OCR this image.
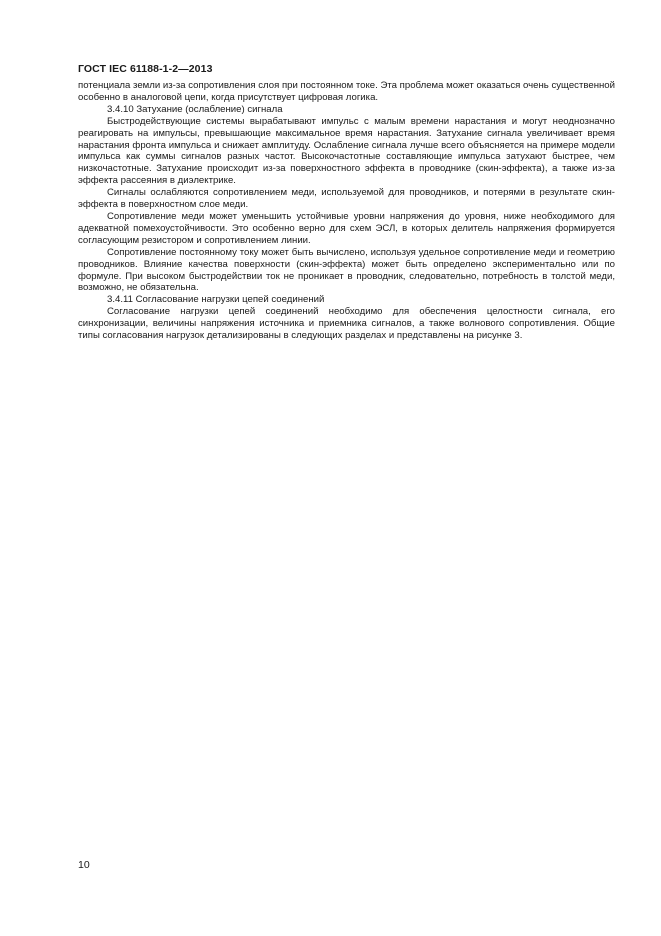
ГОСТ IEC 61188-1-2—2013

потенциала земли из-за сопротивления слоя при постоянном токе. Эта проблема может оказаться очень существенной особенно в аналоговой цепи, когда присутствует цифровая логика.

3.4.10 Затухание (ослабление) сигнала

Быстродействующие системы вырабатывают импульс с малым времени нарастания и могут неоднозначно реагировать на импульсы, превышающие максимальное время нарастания. Затухание сигнала увеличивает время нарастания фронта импульса и снижает амплитуду. Ослабление сигнала лучше всего объясняется на примере модели импульса как суммы сигналов разных частот. Высокочастотные составляющие импульса затухают быстрее, чем низкочастотные. Затухание происходит из-за поверхностного эффекта в проводнике (скин-эффекта), а также из-за эффекта рассеяния в диэлектрике.

Сигналы ослабляются сопротивлением меди, используемой для проводников, и потерями в результате скин-эффекта в поверхностном слое меди.

Сопротивление меди может уменьшить устойчивые уровни напряжения до уровня, ниже необходимого для адекватной помехоустойчивости. Это особенно верно для схем ЭСЛ, в которых делитель напряжения формируется согласующим резистором и сопротивлением линии.

Сопротивление постоянному току может быть вычислено, используя удельное сопротивление меди и геометрию проводников. Влияние качества поверхности (скин-эффекта) может быть определено экспериментально или по формуле. При высоком быстродействии ток не проникает в проводник, следовательно, потребность в толстой меди, возможно, не обязательна.

3.4.11 Согласование нагрузки цепей соединений

Согласование нагрузки цепей соединений необходимо для обеспечения целостности сигнала, его синхронизации, величины напряжения источника и приемника сигналов, а также волнового сопротивления. Общие типы согласования нагрузок детализированы в следующих разделах и представлены на рисунке 3.

10
